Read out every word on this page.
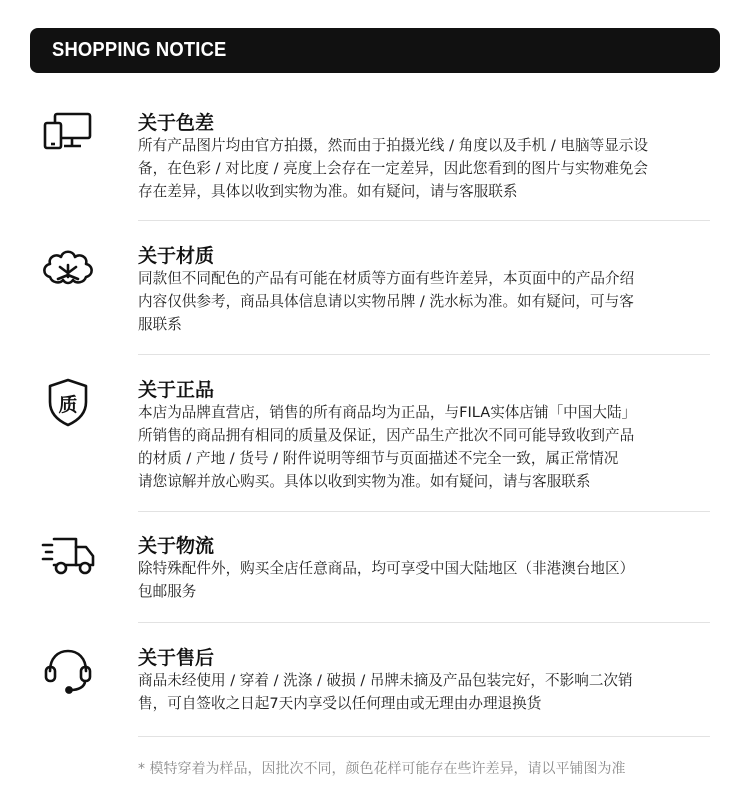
SHOPPING NOTICE
关于色差

所有产品图片均由官方拍摄，然而由于拍摄光线 / 角度以及手机 / 电脑等显示设
备，在色彩 / 对比度 / 亮度上会存在一定差异，因此您看到的图片与实物难免会
存在差异，具体以收到实物为准。如有疑问，请与客服联系

关于材质

同款但不同配色的产品有可能在材质等方面有些许差异，本页面中的产品介绍
内容仅供参考，商品具体信息请以实物吊牌 / 洗水标为准。如有疑问，可与客
服联系

质
关于正品

本店为品牌直营店，销售的所有商品均为正品，与FILA实体店铺「中国大陆」
所销售的商品拥有相同的质量及保证，因产品生产批次不同可能导致收到产品
的材质 / 产地 / 货号 / 附件说明等细节与页面描述不完全一致，属正常情况
请您谅解并放心购买。具体以收到实物为准。如有疑问，请与客服联系

关于物流

除特殊配件外，购买全店任意商品，均可享受中国大陆地区（非港澳台地区）
包邮服务

关于售后

商品未经使用 / 穿着 / 洗涤 / 破损 / 吊牌未摘及产品包装完好，不影响二次销
售，可自签收之日起7天内享受以任何理由或无理由办理退换货

* 模特穿着为样品，因批次不同，颜色花样可能存在些许差异，请以平铺图为准
